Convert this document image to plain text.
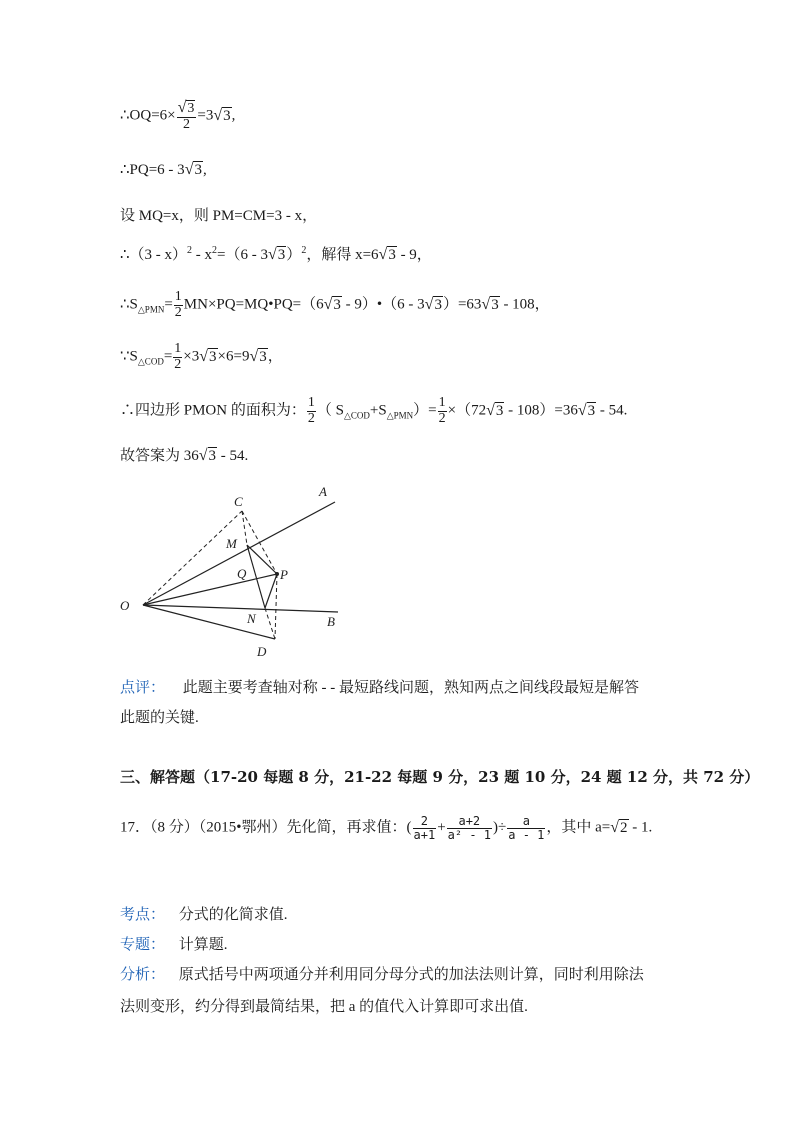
∴OQ=6× $\frac{√3}{2} =3√3$,
∴PQ=6 - 3√3,
设 MQ=x，则 PM=CM=3 - x，
∴（3 - $x)^2 - x^2=(6 - 3√3)^2$，解得 x=6√3 - 9，
$\therefore S_{\triangle PMN}= \frac{1}{2}$ MN×PQ=MQ•PQ=（6√3 - 9）•（6 - 3√3）=63√3 - 108，
$\because S_{\triangle COD}= \frac{1}{2} \times 3√3\times 6=9√3$，
∴四边形 PMON 的面积为： $\frac{1}{2}$ （ $S_{\triangle COD}+S_{\triangle PMN})= \frac{1}{2} \times(72√3 - 108)=36√3 - 54$.
故答案为 36√3 - 54.
C
A
M
Q	P
O
N	B
D
点评： 此题主要考查轴对称 - - 最短路线问题，熟知两点之间线段最短是解答
此题的关键.
三、解答题（17-20 每题 8 分，21-22 每题 9 分，23 题 10 分，24 题 12 分，共 72 分）
17．（8 分）（2015•鄂州）先化简，再求值：( $\frac{2}{a+1} + \frac{a+2}{\text{a² - 1}}$ )÷ $\frac{a}{a - 1}$ ，其中 a=√2 - 1.
考点： 分式的化简求值.
专题： 计算题.
分析： 原式括号中两项通分并利用同分母分式的加法法则计算，同时利用除法
法则变形，约分得到最简结果，把 a 的值代入计算即可求出值.
